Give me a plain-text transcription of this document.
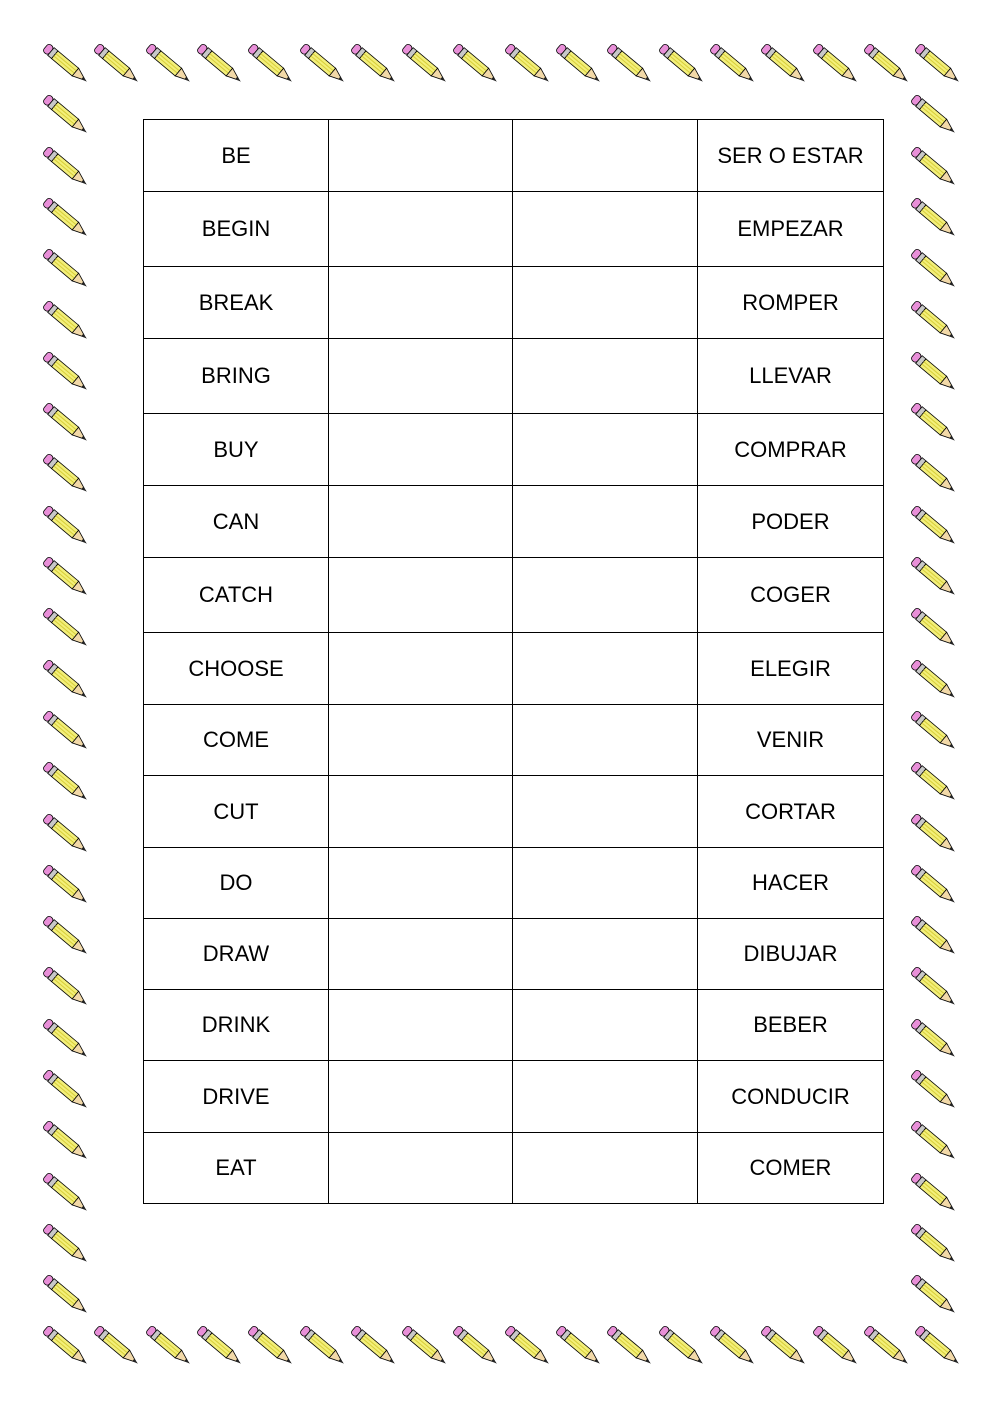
BE			SER O ESTAR
BEGIN			EMPEZAR
BREAK			ROMPER
BRING			LLEVAR
BUY			COMPRAR
CAN			PODER
CATCH			COGER
CHOOSE			ELEGIR
COME			VENIR
CUT			CORTAR
DO			HACER
DRAW			DIBUJAR
DRINK			BEBER
DRIVE			CONDUCIR
EAT			COMER
